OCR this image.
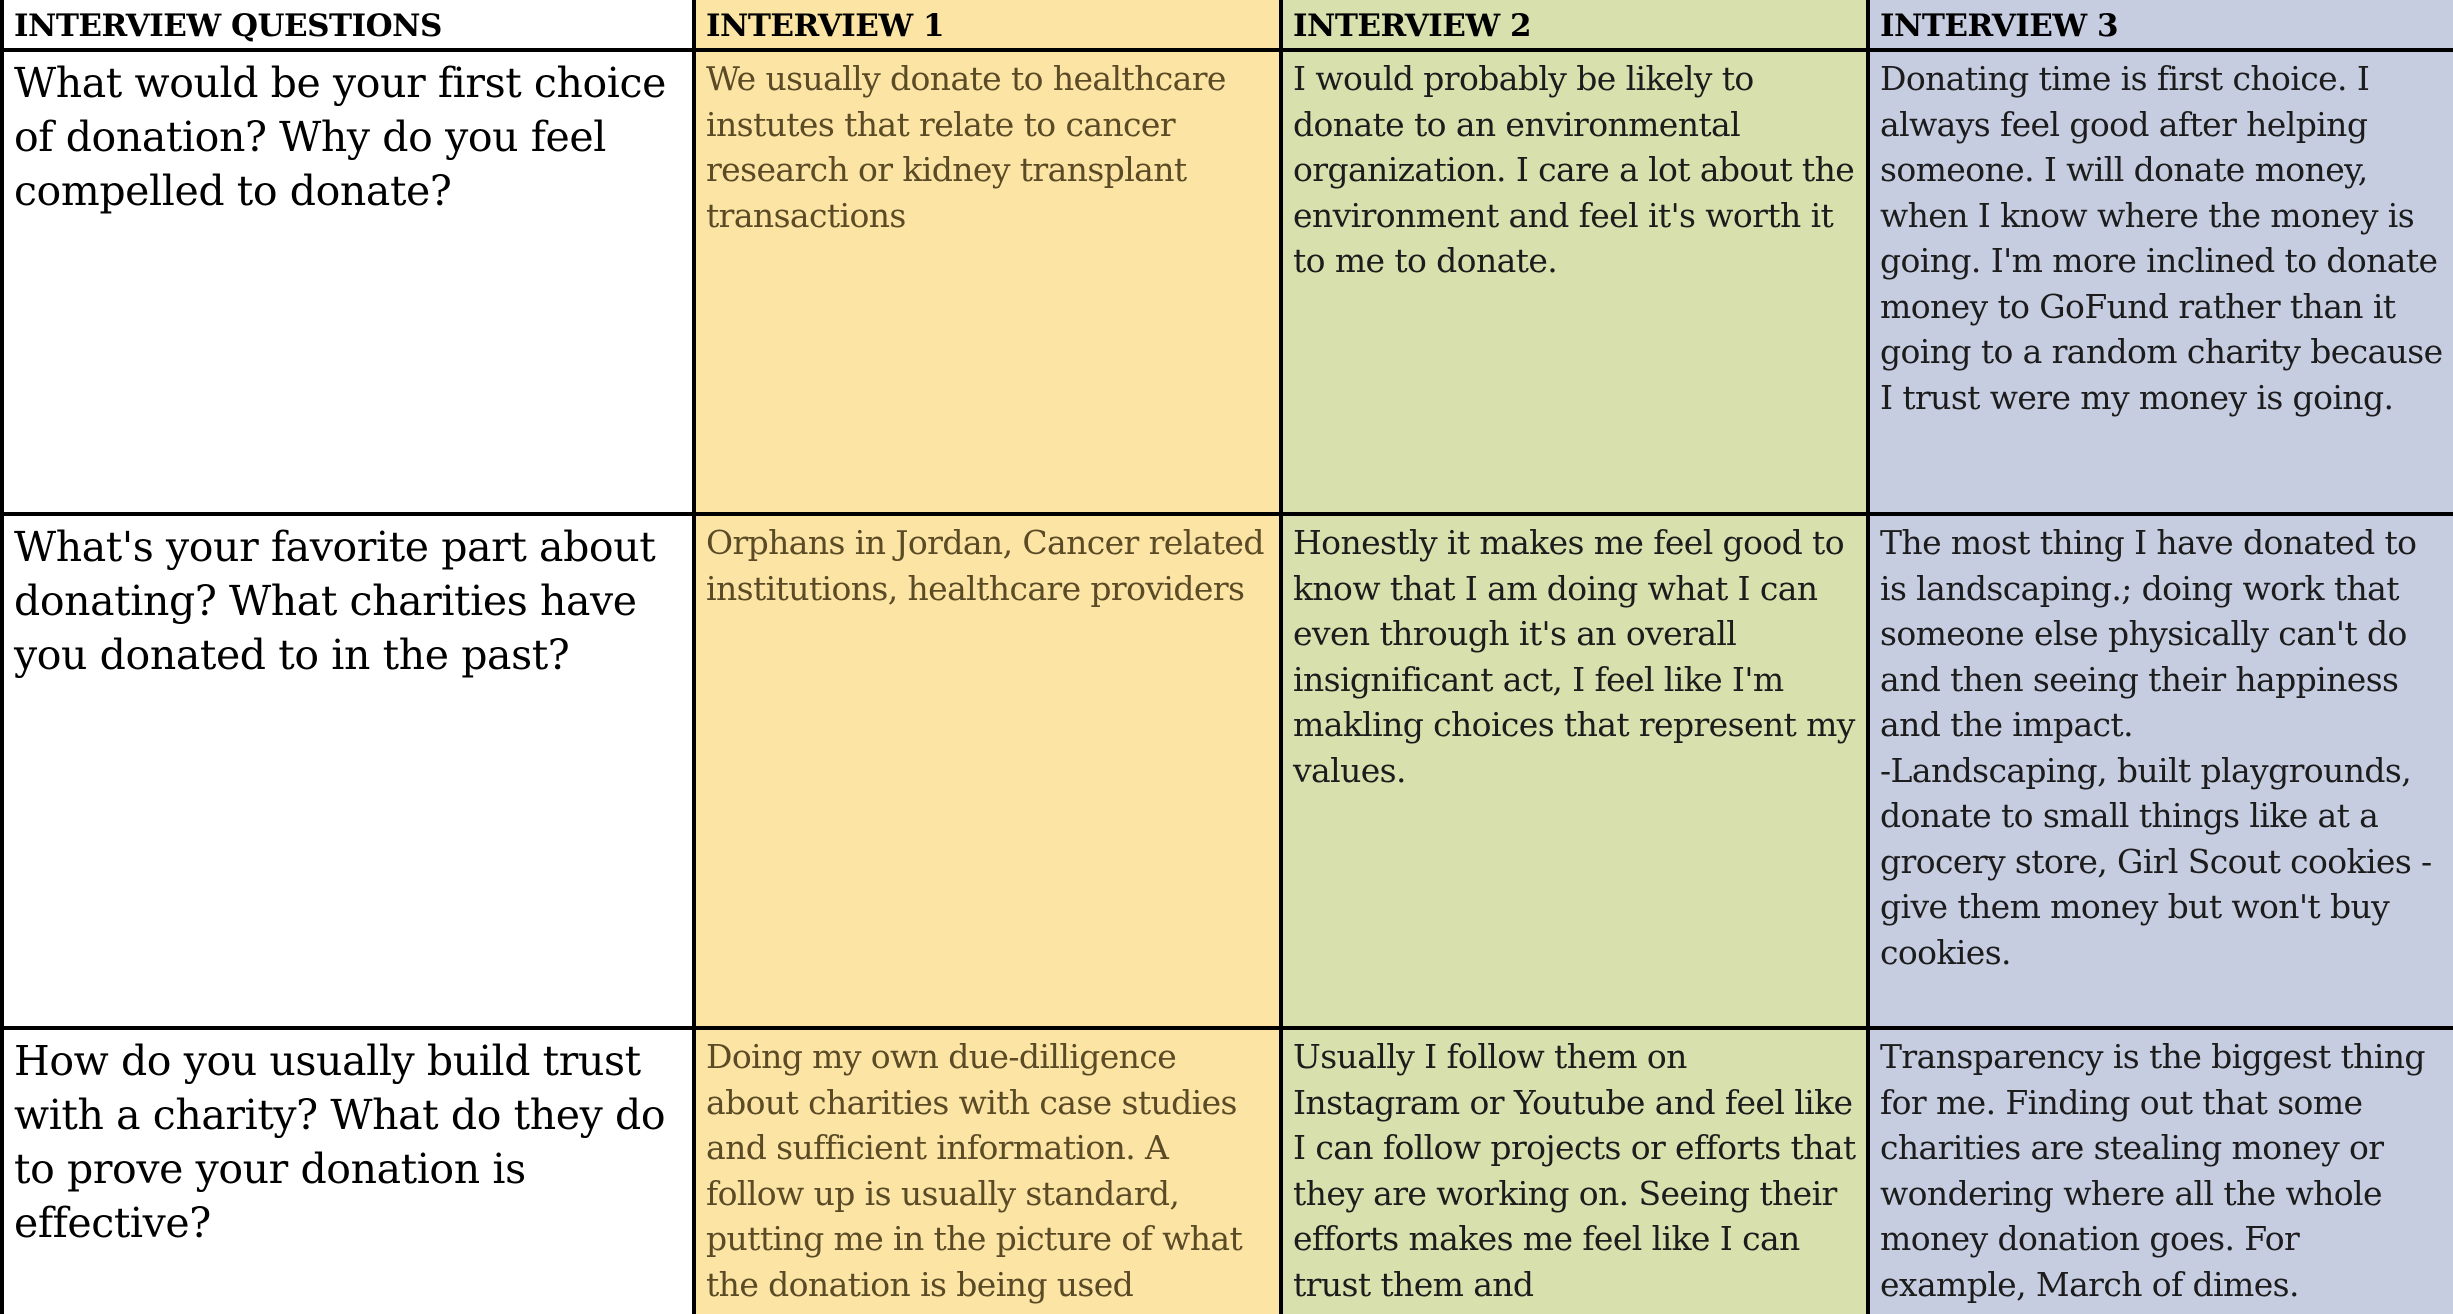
INTERVIEW QUESTIONS	INTERVIEW 1	INTERVIEW 2	INTERVIEW 3

What would be your first choice of donation? Why do you feel compelled to donate?	We usually donate to healthcare instutes that relate to cancer research or kidney transplant transactions	I would probably be likely to donate to an environmental organization. I care a lot about the environment and feel it's worth it to me to donate.	Donating time is first choice. I always feel good after helping someone. I will donate money, when I know where the money is going. I'm more inclined to donate money to GoFund rather than it going to a random charity because I trust were my money is going.

What's your favorite part about donating? What charities have you donated to in the past?	Orphans in Jordan, Cancer related institutions, healthcare providers	Honestly it makes me feel good to know that I am doing what I can even through it's an overall insignificant act, I feel like I'm makling choices that represent my values.	The most thing I have donated to is landscaping.; doing work that someone else physically can't do and then seeing their happiness and the impact.
-Landscaping, built playgrounds, donate to small things like at a grocery store, Girl Scout cookies - give them money but won't buy cookies.

How do you usually build trust with a charity? What do they do to prove your donation is effective?	Doing my own due-dilligence about charities with case studies and sufficient information. A follow up is usually standard, putting me in the picture of what the donation is being used	Usually I follow them on Instagram or Youtube and feel like I can follow projects or efforts that they are working on. Seeing their efforts makes me feel like I can trust them and	Transparency is the biggest thing for me. Finding out that some charities are stealing money or wondering where all the whole money donation goes. For example, March of dimes.
